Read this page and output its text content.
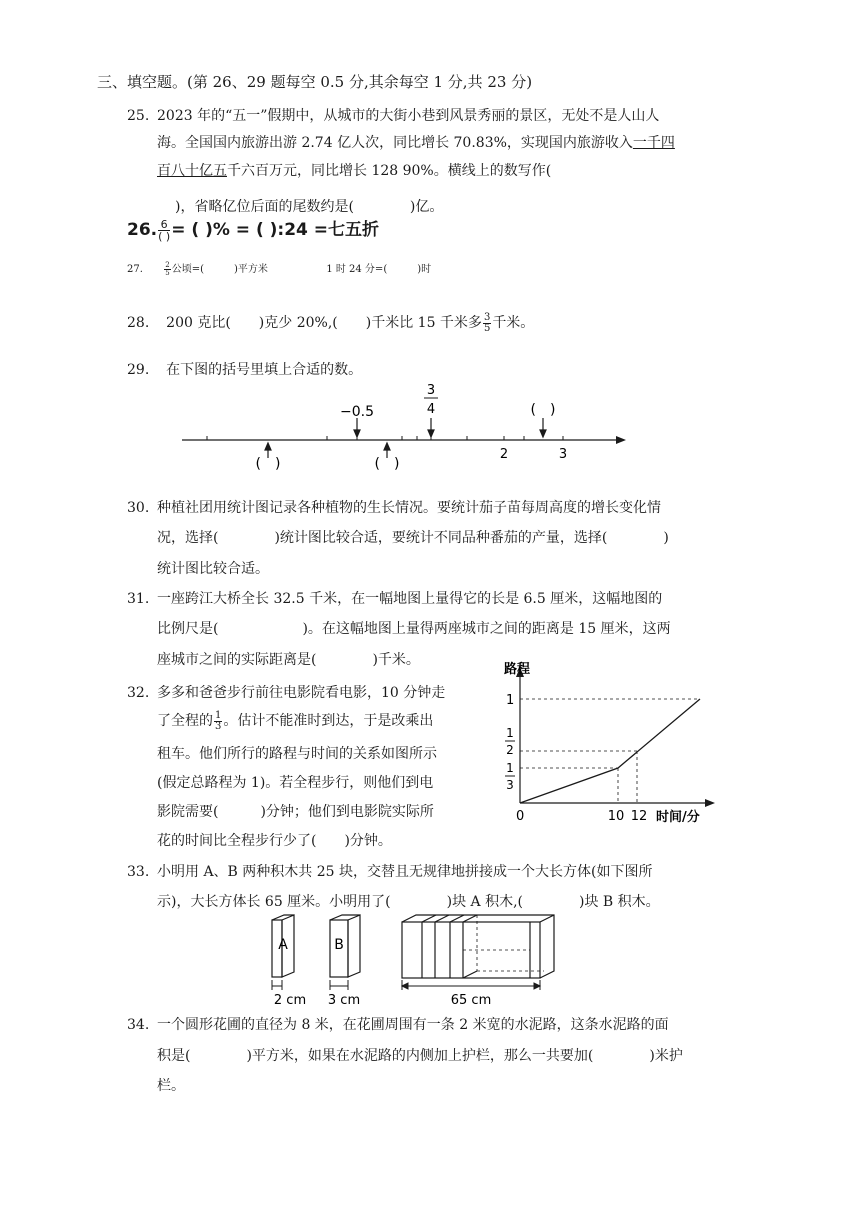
三、填空题。(第 26、29 题每空 0.5 分,其余每空 1 分,共 23 分)
25. 2023 年的“五一”假期中，从城市的大街小巷到风景秀丽的景区，无处不是人山人
海。全国国内旅游出游 2.74 亿人次，同比增长 70.83%，实现国内旅游收入一千四
百八十亿五千六百万元，同比增长 128 90%。横线上的数写作(
)，省略亿位后面的尾数约是(　　　　)亿。
26. $\frac{6}{( )}$ = ( )% = ( ):24 =七五折
27.	$\frac{2}{5}$ 公顷=(　　　)平方米	1 时 24 分=(　　　)时
28. 200 克比(　　)克少 20%,(　　)千米比 15 千米多 $\frac{3}{5}$ 千米。
29. 在下图的括号里填上合适的数。
−0.5
3
4	(　)
(　)	(　)
2	3
30. 种植社团用统计图记录各种植物的生长情况。要统计茄子苗每周高度的增长变化情
况，选择(　　　　)统计图比较合适，要统计不同品种番茄的产量，选择(　　　　)
统计图比较合适。
31. 一座跨江大桥全长 32.5 千米，在一幅地图上量得它的长是 6.5 厘米，这幅地图的
比例尺是(　　　　　　)。在这幅地图上量得两座城市之间的距离是 15 厘米，这两
座城市之间的实际距离是(　　　　)千米。
32. 多多和爸爸步行前往电影院看电影，10 分钟走
了全程的 $\frac{1}{3}$ 。估计不能准时到达，于是改乘出
租车。他们所行的路程与时间的关系如图所示
(假定总路程为 1)。若全程步行，则他们到电
影院需要(　　　)分钟；他们到电影院实际所
花的时间比全程步行少了(　　)分钟。
路程
时间/分
1
1
2
1
3
0	10 12
33. 小明用 A、B 两种积木共 25 块，交替且无规律地拼接成一个大长方体(如下图所
示)，大长方体长 65 厘米。小明用了(　　　　)块 A 积木,(　　　　)块 B 积木。
A	B
2 cm 3 cm	65 cm
34. 一个圆形花圃的直径为 8 米，在花圃周围有一条 2 米宽的水泥路，这条水泥路的面
积是(　　　　)平方米，如果在水泥路的内侧加上护栏，那么一共要加(　　　　)米护
栏。
